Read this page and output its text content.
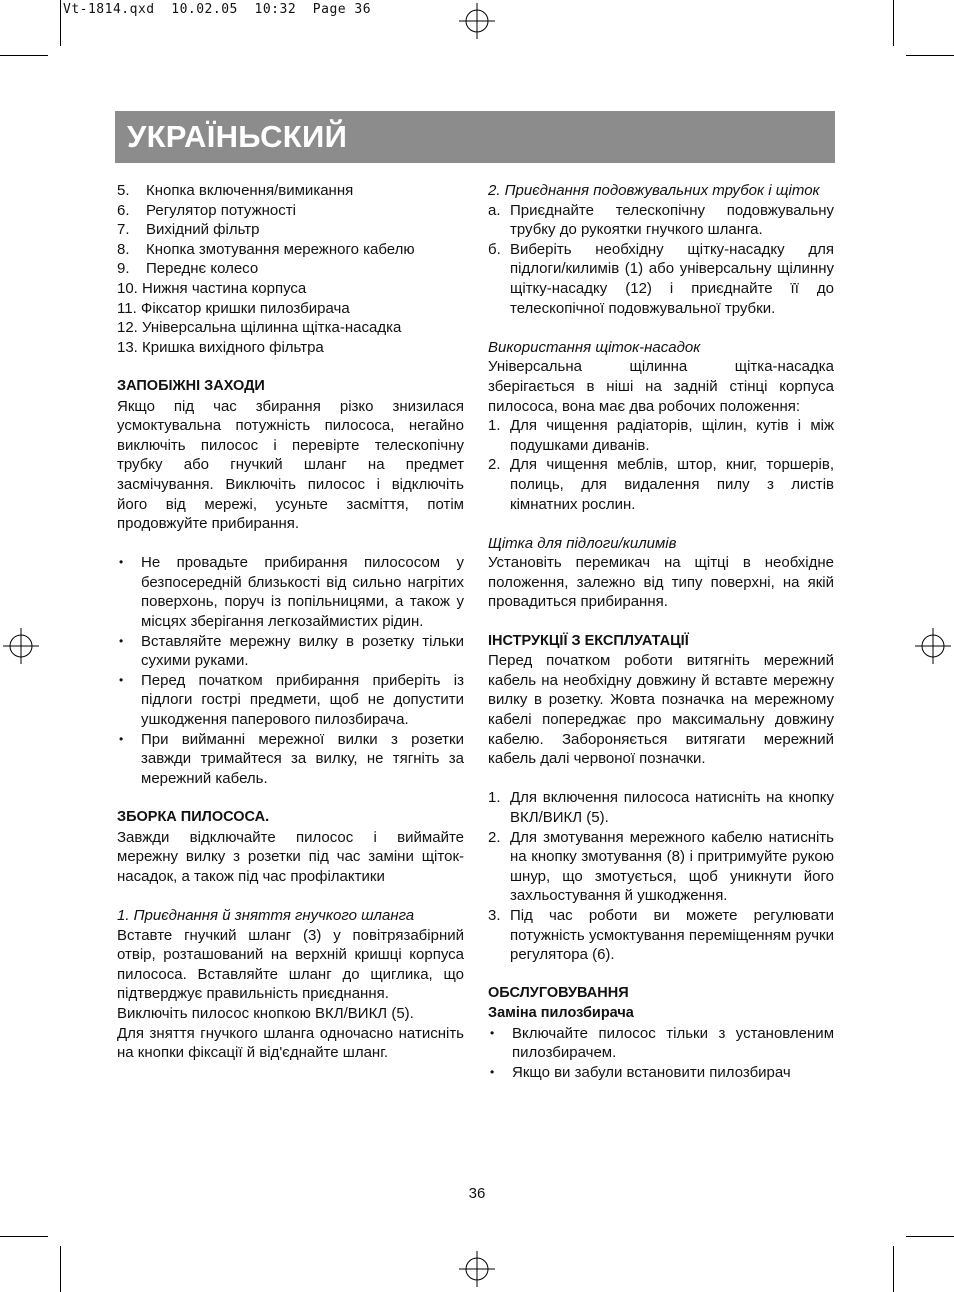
Vt-1814.qxd  10.02.05  10:32  Page 36
УКРАЇНЬСКИЙ
5.	Кнопка включення/вимикання
6.	Регулятор потужності
7.	Вихідний фільтр
8.	Кнопка змотування мережного кабелю
9.	Переднє колесо
10.
Нижня частина корпуса
11.
Фіксатор кришки пилозбирача
12.
Універсальна щілинна щітка-насадка
13.
Кришка вихідного фільтра

ЗАПОБІЖНІ ЗАХОДИ

Якщо під час збирання різко знизилася усмоктувальна потужність пилососа, негайно виключіть пилосос і перевірте телескопічну трубку або гнучкий шланг на предмет засмічування. Виключіть пилосос і відключіть його від мережі, усуньте засміття, потім продовжуйте прибирання.

•	Не провадьте прибирання пилососом у безпосередній близькості від сильно нагрітих поверхонь, поруч із попільницями, а також у місцях зберігання легкозаймистих рідин.
•	Вставляйте мережну вилку в розетку тільки сухими руками.
•	Перед початком прибирання приберіть із підлоги гострі предмети, щоб не допустити ушкодження паперового пилозбирача.
•	При вийманні мережної вилки з розетки завжди тримайтеся за вилку, не тягніть за мережний кабель.

ЗБОРКА ПИЛОСОСА.

Завжди відключайте пилосос і виймайте мережну вилку з розетки під час заміни щіток-насадок, а також під час профілактики

1. Приєднання й зняття гнучкого шланга

Вставте гнучкий шланг (3) у повітрязабірний отвір, розташований на верхній кришці корпуса пилососа. Вставляйте шланг до щиглика, що підтверджує правильність приєднання.

Виключіть пилосос кнопкою ВКЛ/ВИКЛ (5).

Для зняття гнучкого шланга одночасно натисніть на кнопки фіксації й від'єднайте шланг.

2. Приєднання подовжувальних трубок і щіток

а. Приєднайте телескопічну подовжувальну трубку до рукоятки гнучкого шланга.
б. Виберіть необхідну щітку-насадку для підлоги/килимів (1) або універсальну щілинну щітку-насадку (12) і приєднайте її до телескопічної подовжувальної трубки.

Використання щіток-насадок

Універсальна щілинна щітка-насадка зберігається в ніші на задній стінці корпуса пилососа, вона має два робочих положення:

1. Для чищення радіаторів, щілин, кутів і між подушками диванів.
2. Для чищення меблів, штор, книг, торшерів, полиць, для видалення пилу з листів кімнатних рослин.

Щітка для підлоги/килимів

Установіть перемикач на щітці в необхідне положення, залежно від типу поверхні, на якій провадиться прибирання.

ІНСТРУКЦІЇ З ЕКСПЛУАТАЦІЇ

Перед початком роботи витягніть мережний кабель на необхідну довжину й вставте мережну вилку в розетку. Жовта позначка на мережному кабелі попереджає про максимальну довжину кабелю. Забороняється витягати мережний кабель далі червоної позначки.

1. Для включення пилососа натисніть на кнопку ВКЛ/ВИКЛ (5).
2. Для змотування мережного кабелю натисніть на кнопку змотування (8) і притримуйте рукою шнур, що змотується, щоб уникнути його захльостування й ушкодження.
3. Під час роботи ви можете регулювати потужність усмоктування переміщенням ручки регулятора (6).

ОБСЛУГОВУВАННЯ

Заміна пилозбирача

•	Включайте пилосос тільки з установленим пилозбирачем.
•	Якщо ви забули встановити пилозбирач
36
